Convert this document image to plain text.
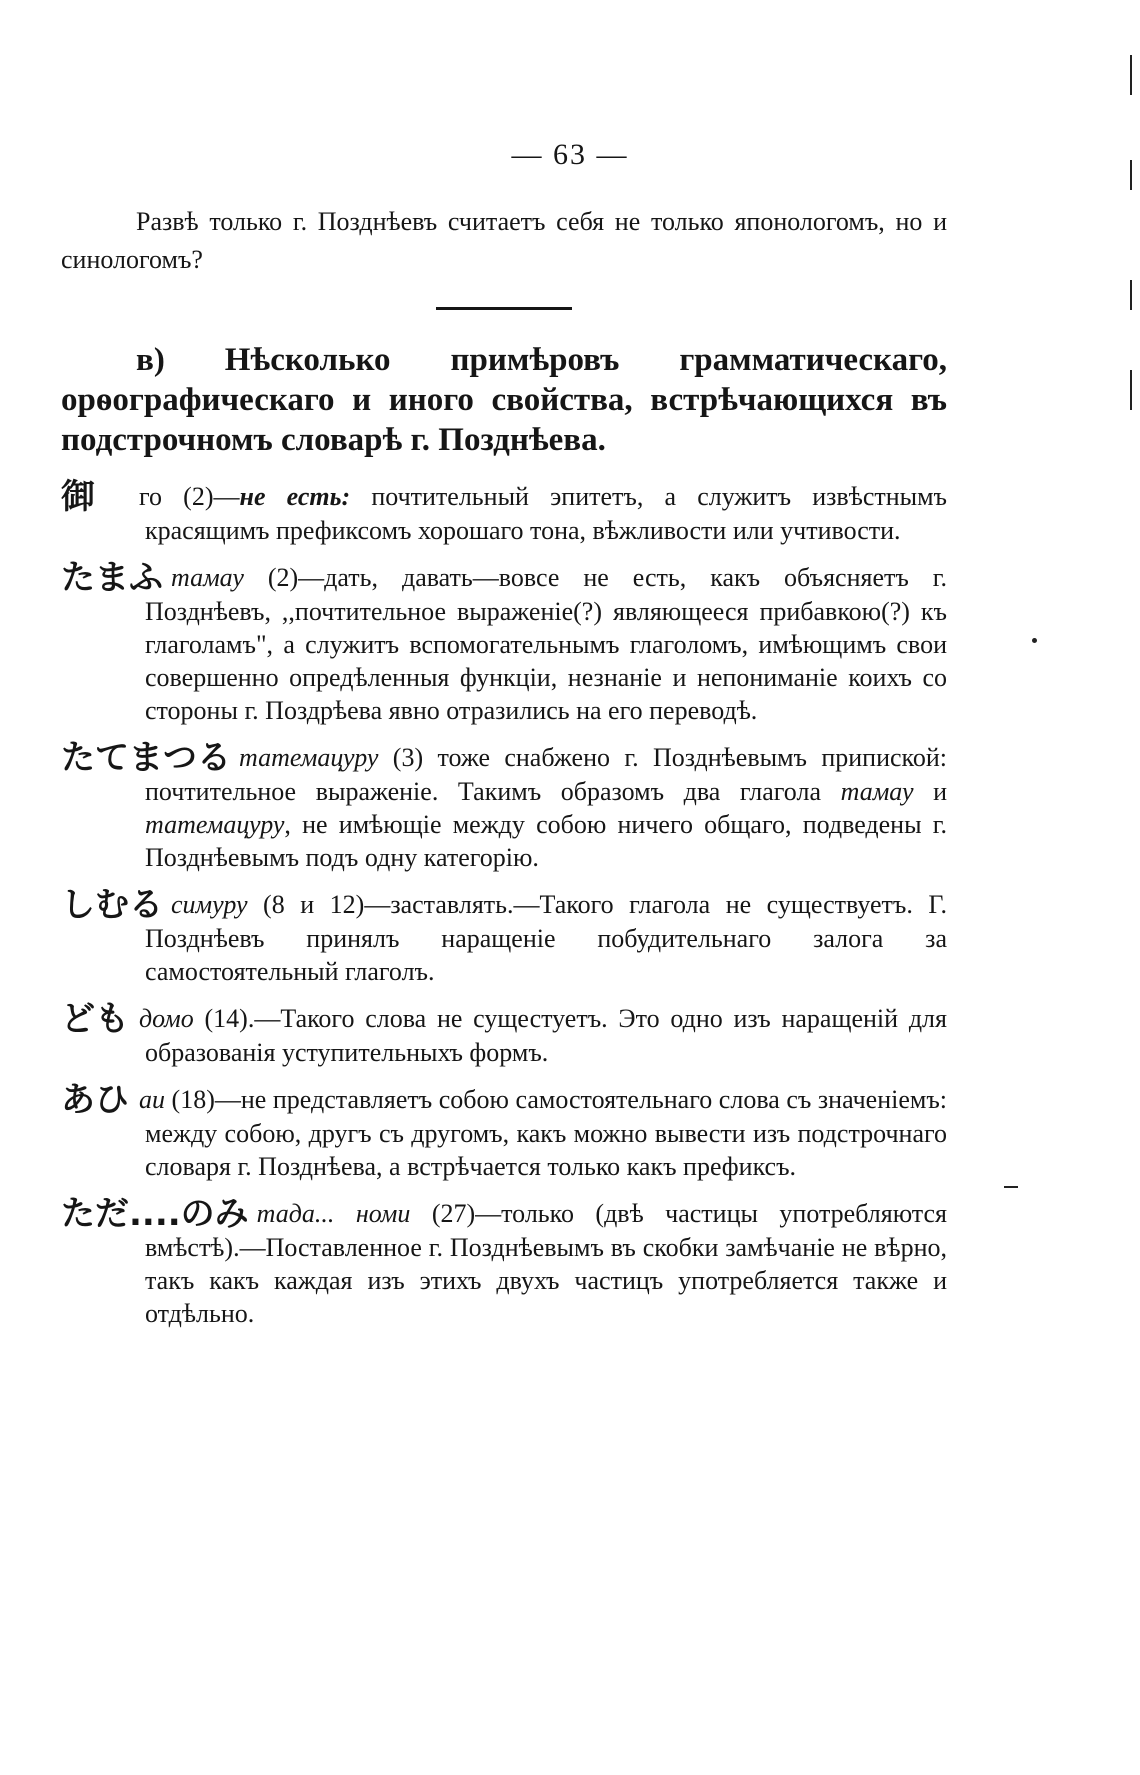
— 63 —
Развѣ только г. Позднѣевъ считаетъ себя не только японологомъ, но и синологомъ?
в) Нѣсколько примѣровъ грамматическаго, орѳографическаго и иного свойства, встрѣчающихся въ подстрочномъ словарѣ г. Позднѣева.
御 го (2)—не есть: почтительный эпитетъ, а служитъ извѣстнымъ красящимъ префиксомъ хорошаго тона, вѣжливости или учтивости.
たまふ тамау (2)—дать, давать—вовсе не есть, какъ объясняетъ г. Позднѣевъ, ,,почтительное выраженіе(?) являющееся прибавкою(?) къ глаголамъ", а служитъ вспомогательнымъ глаголомъ, имѣющимъ свои совершенно опредѣленныя функціи, незнаніе и непониманіе коихъ со стороны г. Поздрѣева явно отразились на его переводѣ.
たてまつる татемацуру (3) тоже снабжено г. Позднѣевымъ припиской: почтительное выраженіе. Такимъ образомъ два глагола тамау и татемацуру, не имѣющіе между собою ничего общаго, подведены г. Позднѣевымъ подъ одну категорію.
しむる симуру (8 и 12)—заставлять.—Такого глагола не существуетъ. Г. Позднѣевъ принялъ нарaщеніе побудительнаго залога за самостоятельный глаголъ.
ども домо (14).—Такого слова не сущестуетъ. Это одно изъ наращеній для образованія уступительныхъ формъ.
あひ аи (18)—не представляетъ собою самостоятельнаго слова съ значеніемъ: между собою, другъ съ другомъ, какъ можно вывести изъ подстрочнаго словаря г. Позднѣева, а встрѣчается только какъ префиксъ.
ただ....のみ тада... номи (27)—только (двѣ частицы употребляются вмѣстѣ).—Поставленное г. Позднѣевымъ въ скобки замѣчаніе не вѣрно, такъ какъ каждая изъ этихъ двухъ частицъ употребляется также и отдѣльно.
